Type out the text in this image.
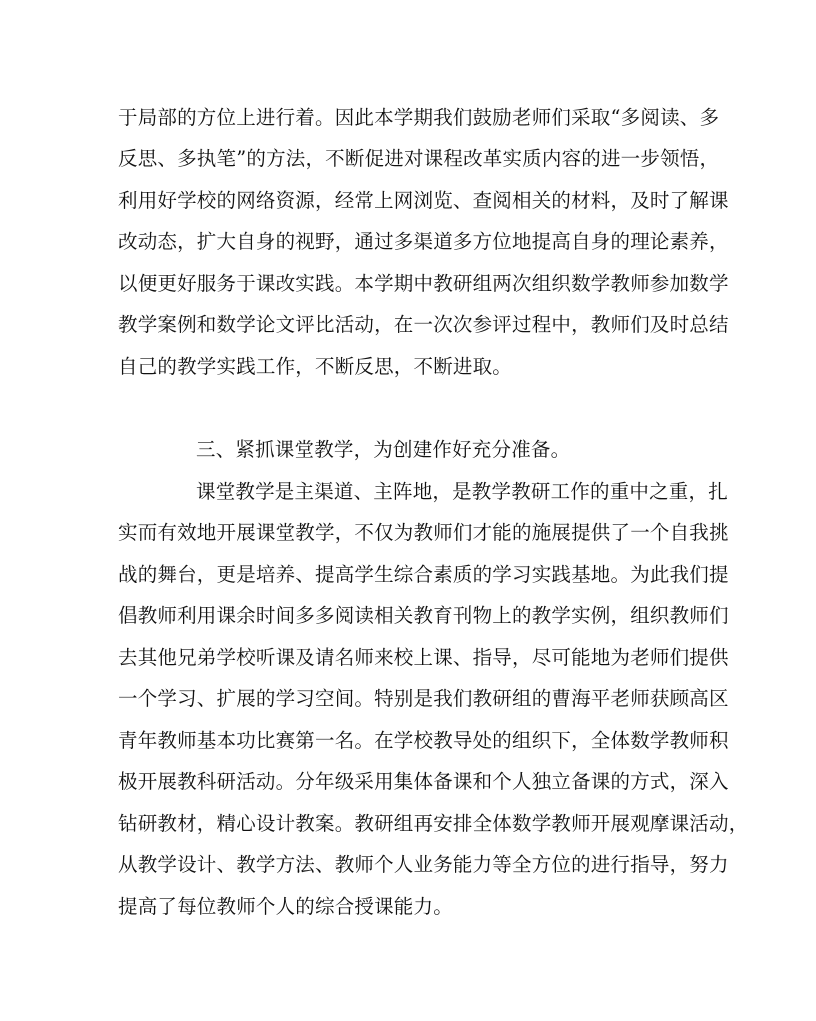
于局部的方位上进行着。因此本学期我们鼓励老师们采取“多阅读、多
反思、多执笔”的方法，不断促进对课程改革实质内容的进一步领悟，
利用好学校的网络资源，经常上网浏览、查阅相关的材料，及时了解课
改动态，扩大自身的视野，通过多渠道多方位地提高自身的理论素养，
以便更好服务于课改实践。本学期中教研组两次组织数学教师参加数学
教学案例和数学论文评比活动，在一次次参评过程中，教师们及时总结
自己的教学实践工作，不断反思，不断进取。
三、紧抓课堂教学，为创建作好充分准备。
课堂教学是主渠道、主阵地，是教学教研工作的重中之重，扎
实而有效地开展课堂教学，不仅为教师们才能的施展提供了一个自我挑
战的舞台，更是培养、提高学生综合素质的学习实践基地。为此我们提
倡教师利用课余时间多多阅读相关教育刊物上的教学实例，组织教师们
去其他兄弟学校听课及请名师来校上课、指导，尽可能地为老师们提供
一个学习、扩展的学习空间。特别是我们教研组的曹海平老师获顾高区
青年教师基本功比赛第一名。在学校教导处的组织下，全体数学教师积
极开展教科研活动。分年级采用集体备课和个人独立备课的方式，深入
钻研教材，精心设计教案。教研组再安排全体数学教师开展观摩课活动，
从教学设计、教学方法、教师个人业务能力等全方位的进行指导，努力
提高了每位教师个人的综合授课能力。
